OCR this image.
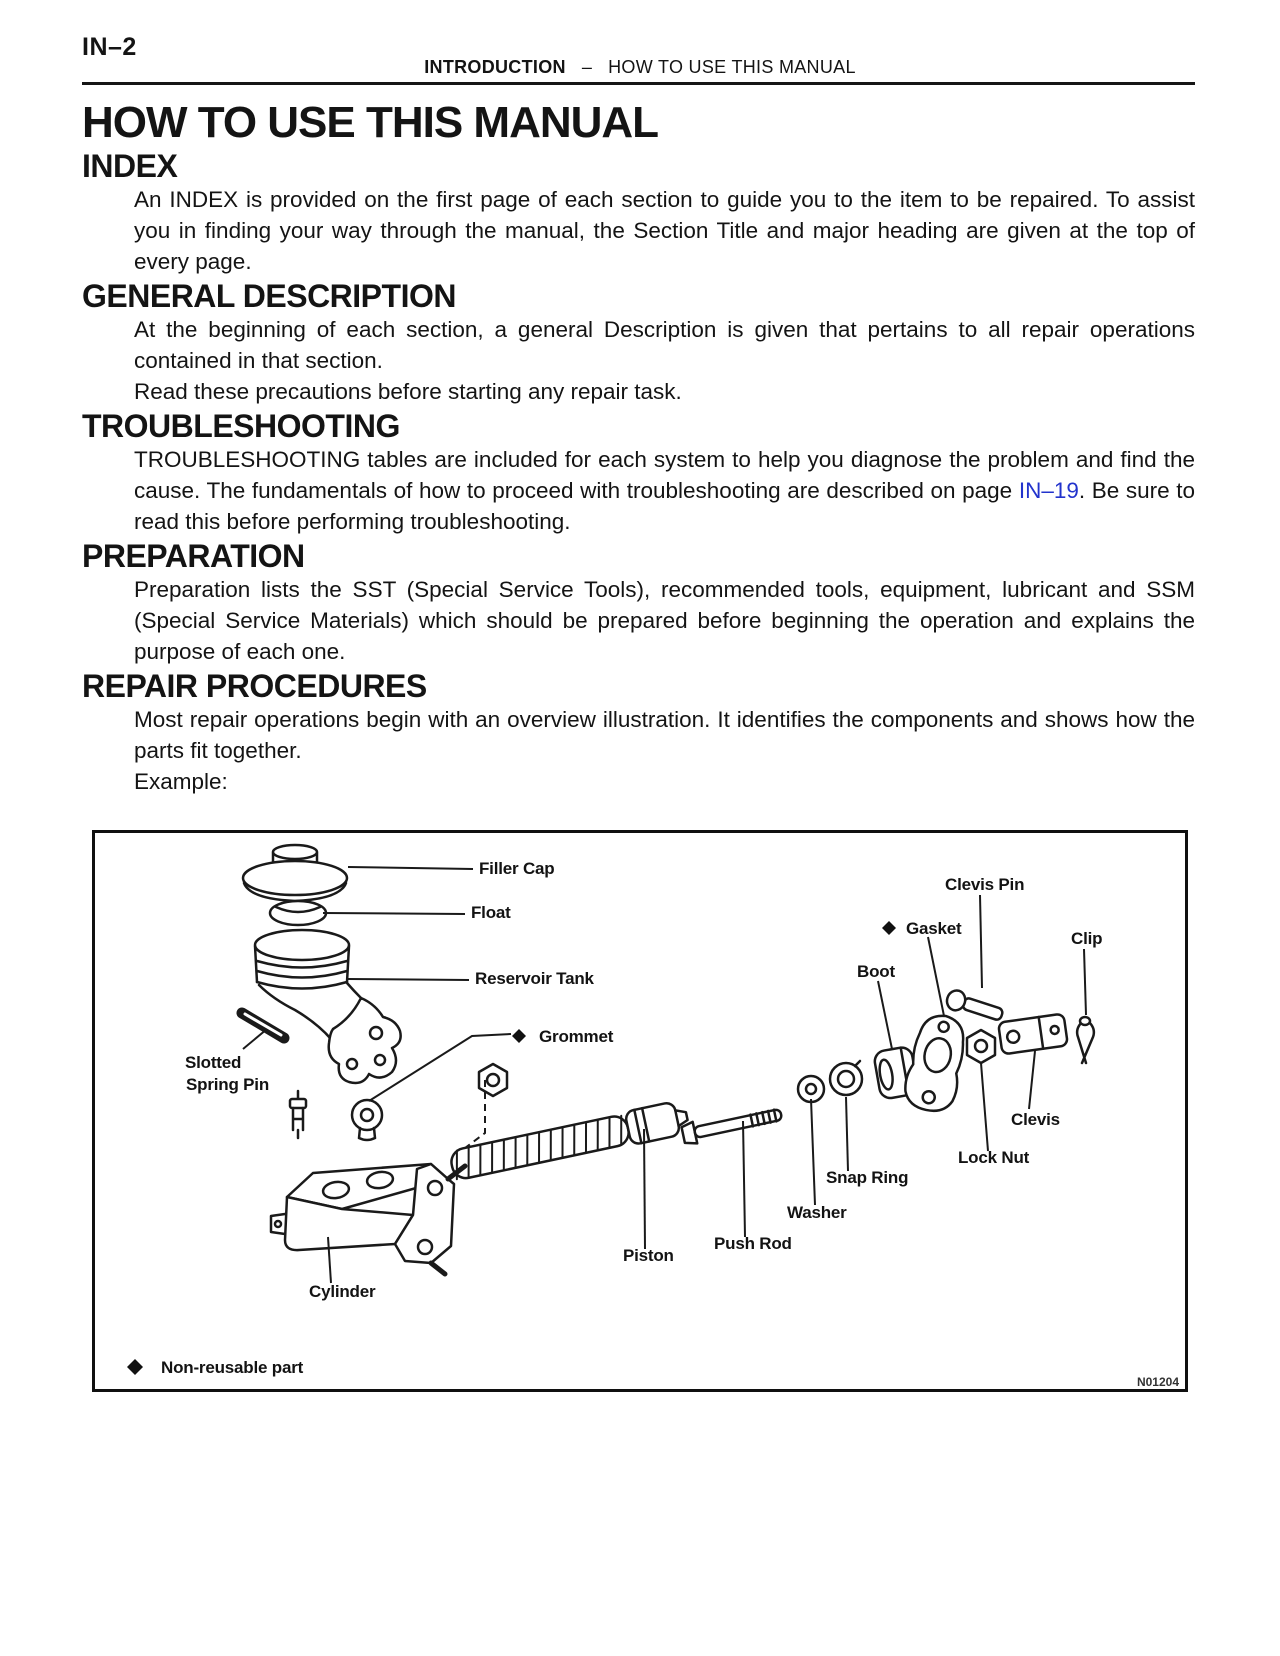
IN–2
INTRODUCTION – HOW TO USE THIS MANUAL
HOW TO USE THIS MANUAL
INDEX

An INDEX is provided on the first page of each section to guide you to the item to be repaired. To assist you in finding your way through the manual, the Section Title and major heading are given at the top of every page.

GENERAL DESCRIPTION

At the beginning of each section, a general Description is given that pertains to all repair operations contained in that section.

Read these precautions before starting any repair task.

TROUBLESHOOTING

TROUBLESHOOTING tables are included for each system to help you diagnose the problem and find the cause. The fundamentals of how to proceed with troubleshooting are described on page IN–19. Be sure to read this before performing troubleshooting.

PREPARATION

Preparation lists the SST (Special Service Tools), recommended tools, equipment, lubricant and SSM (Special Service Materials) which should be prepared before beginning the operation and explains the purpose of each one.

REPAIR PROCEDURES

Most repair operations begin with an overview illustration. It identifies the components and shows how the parts fit together.

Example:

Filler Cap
Float
Reservoir Tank
Slotted
Spring Pin
Grommet
Boot
Gasket
Clevis Pin
Clip
Clevis
Lock Nut
Snap Ring
Washer
Push Rod
Piston
Cylinder
Non-reusable part
N01204
